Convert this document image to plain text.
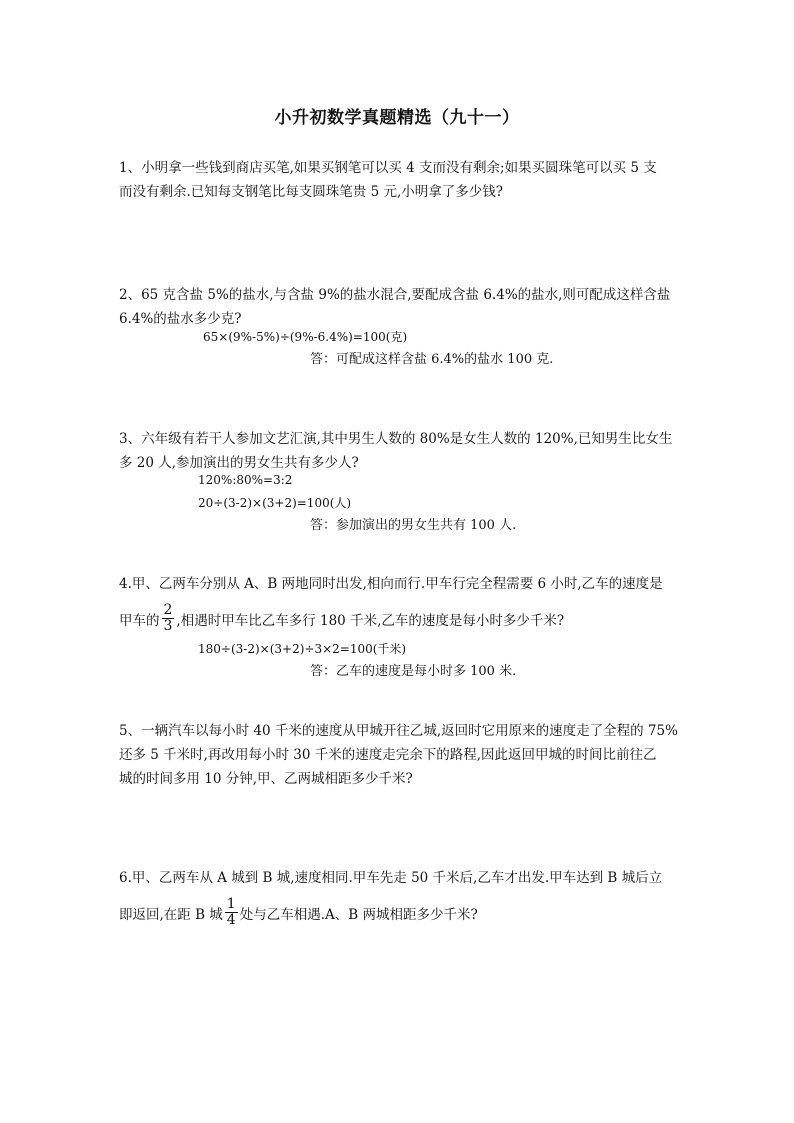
小升初数学真题精选（九十一）
1、小明拿一些钱到商店买笔,如果买钢笔可以买 4 支而没有剩余;如果买圆珠笔可以买 5 支
而没有剩余.已知每支钢笔比每支圆珠笔贵 5 元,小明拿了多少钱?
2、65 克含盐 5%的盐水,与含盐 9%的盐水混合,要配成含盐 6.4%的盐水,则可配成这样含盐
6.4%的盐水多少克?
65×(9%-5%)÷(9%-6.4%)=100(克)
答：可配成这样含盐 6.4%的盐水 100 克.
3、六年级有若干人参加文艺汇演,其中男生人数的 80%是女生人数的 120%,已知男生比女生
多 20 人,参加演出的男女生共有多少人?
120%:80%=3:2
20÷(3-2)×(3+2)=100(人)
答：参加演出的男女生共有 100 人.
4.甲、乙两车分别从 A、B 两地同时出发,相向而行.甲车行完全程需要 6 小时,乙车的速度是
甲车的 $\frac{2}{3}$ ,相遇时甲车比乙车多行 180 千米,乙车的速度是每小时多少千米?
180÷(3-2)×(3+2)÷3×2=100(千米)
答：乙车的速度是每小时多 100 米.
5、一辆汽车以每小时 40 千米的速度从甲城开往乙城,返回时它用原来的速度走了全程的 75%
还多 5 千米时,再改用每小时 30 千米的速度走完余下的路程,因此返回甲城的时间比前往乙
城的时间多用 10 分钟,甲、乙两城相距多少千米?
6.甲、乙两车从 A 城到 B 城,速度相同.甲车先走 50 千米后,乙车才出发.甲车达到 B 城后立
即返回,在距 B 城 $\frac{1}{4}$ 处与乙车相遇.A、B 两城相距多少千米?
